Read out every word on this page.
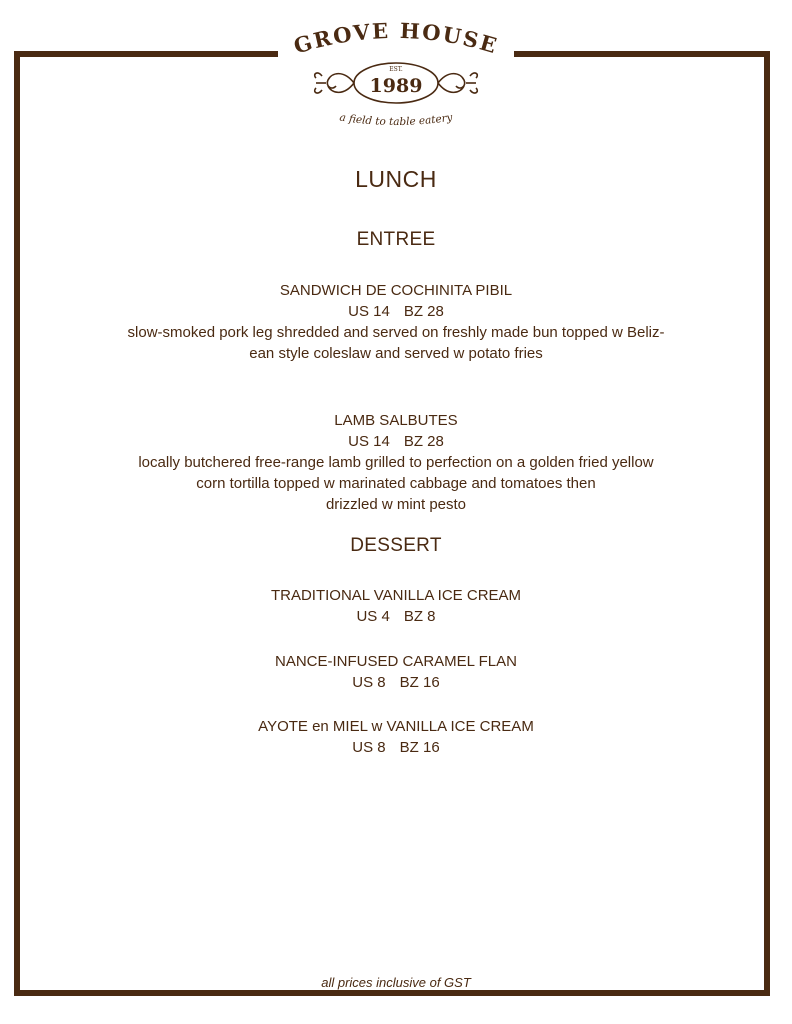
GROVE HOUSE
EST.
1989
a field to table eatery
LUNCH
ENTREE
SANDWICH DE COCHINITA PIBIL
US 14 BZ 28
slow-smoked pork leg shredded and served on freshly made bun topped w Beliz-
ean style coleslaw and served w potato fries
LAMB SALBUTES
US 14 BZ 28
locally butchered free-range lamb grilled to perfection on a golden fried yellow
corn tortilla topped w marinated cabbage and tomatoes then
drizzled w mint pesto
DESSERT
TRADITIONAL VANILLA ICE CREAM
US 4 BZ 8
NANCE-INFUSED CARAMEL FLAN
US 8 BZ 16
AYOTE en MIEL w VANILLA ICE CREAM
US 8 BZ 16
all prices inclusive of GST
